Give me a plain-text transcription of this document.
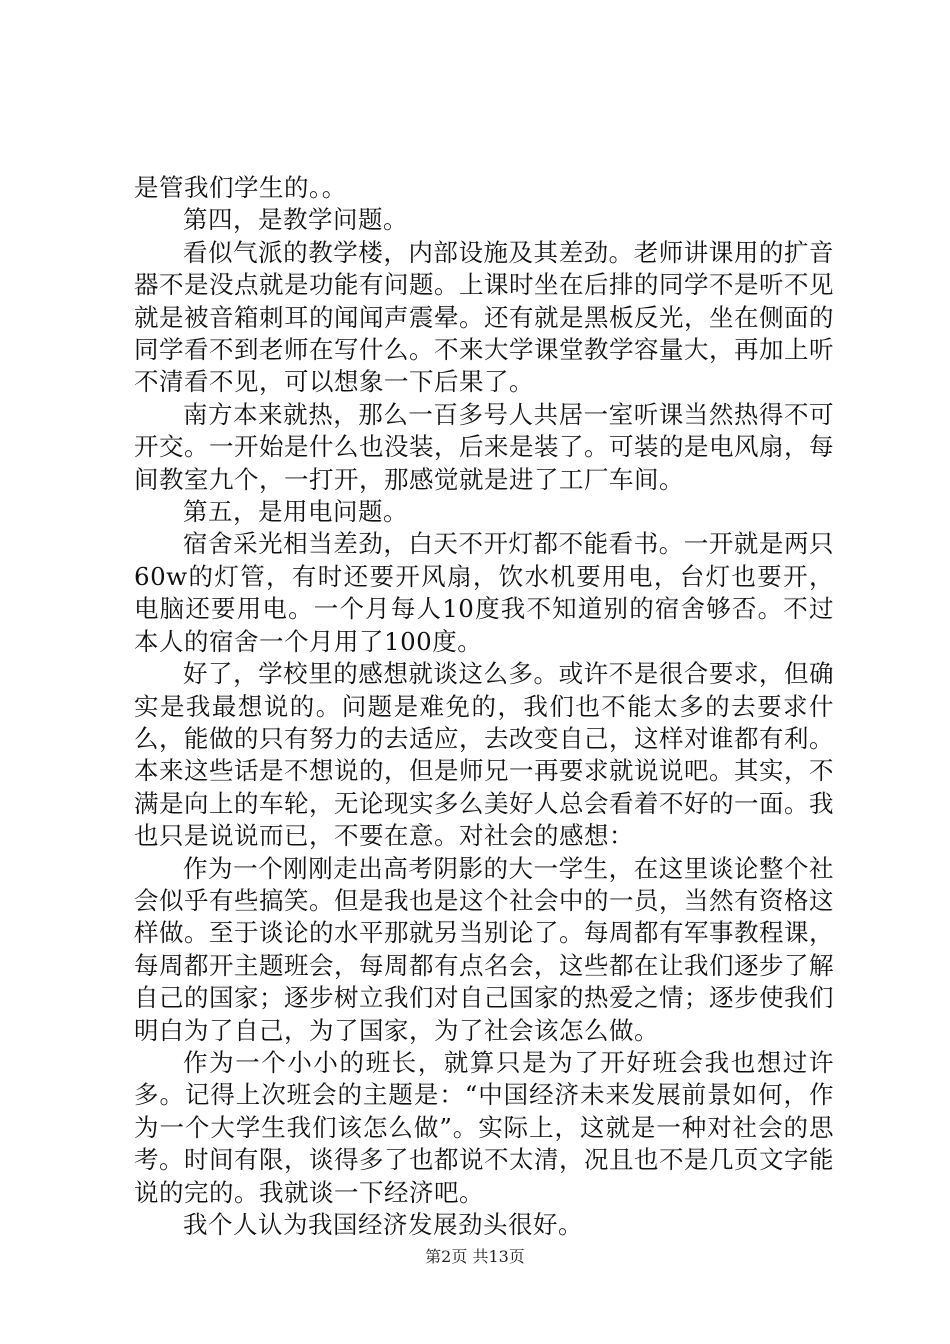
是管我们学生的。。

第四，是教学问题。

看似气派的教学楼，内部设施及其差劲。老师讲课用的扩音器不是没点就是功能有问题。上课时坐在后排的同学不是听不见就是被音箱刺耳的闻闻声震晕。还有就是黑板反光，坐在侧面的同学看不到老师在写什么。不来大学课堂教学容量大，再加上听不清看不见，可以想象一下后果了。

南方本来就热，那么一百多号人共居一室听课当然热得不可开交。一开始是什么也没装，后来是装了。可装的是电风扇，每间教室九个，一打开，那感觉就是进了工厂车间。

第五，是用电问题。

宿舍采光相当差劲，白天不开灯都不能看书。一开就是两只60w的灯管，有时还要开风扇，饮水机要用电，台灯也要开，电脑还要用电。一个月每人10度我不知道别的宿舍够否。不过本人的宿舍一个月用了100度。

好了，学校里的感想就谈这么多。或许不是很合要求，但确实是我最想说的。问题是难免的，我们也不能太多的去要求什么，能做的只有努力的去适应，去改变自己，这样对谁都有利。本来这些话是不想说的，但是师兄一再要求就说说吧。其实，不满是向上的车轮，无论现实多么美好人总会看着不好的一面。我也只是说说而已，不要在意。对社会的感想：

作为一个刚刚走出高考阴影的大一学生，在这里谈论整个社会似乎有些搞笑。但是我也是这个社会中的一员，当然有资格这样做。至于谈论的水平那就另当别论了。每周都有军事教程课，每周都开主题班会，每周都有点名会，这些都在让我们逐步了解自己的国家；逐步树立我们对自己国家的热爱之情；逐步使我们明白为了自己，为了国家，为了社会该怎么做。

作为一个小小的班长，就算只是为了开好班会我也想过许多。记得上次班会的主题是：“中国经济未来发展前景如何，作为一个大学生我们该怎么做”。实际上，这就是一种对社会的思考。时间有限，谈得多了也都说不太清，况且也不是几页文字能说的完的。我就谈一下经济吧。

我个人认为我国经济发展劲头很好。

第2页 共13页
